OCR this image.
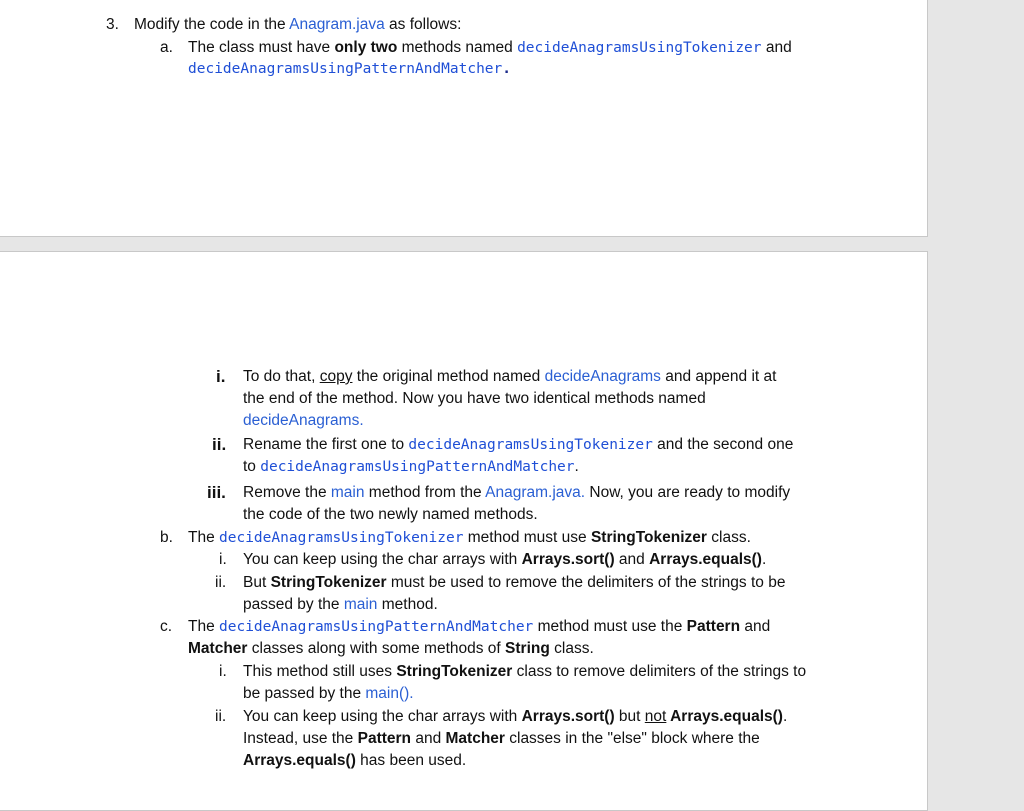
3. Modify the code in the Anagram.java as follows:
a. The class must have only two methods named decideAnagramsUsingTokenizer and
decideAnagramsUsingPatternAndMatcher.
i. To do that, copy the original method named decideAnagrams and append it at
the end of the method. Now you have two identical methods named
decideAnagrams.
ii. Rename the first one to decideAnagramsUsingTokenizer and the second one
to decideAnagramsUsingPatternAndMatcher.
iii. Remove the main method from the Anagram.java. Now, you are ready to modify
the code of the two newly named methods.
b. The decideAnagramsUsingTokenizer method must use StringTokenizer class.
i. You can keep using the char arrays with Arrays.sort() and Arrays.equals().
ii. But StringTokenizer must be used to remove the delimiters of the strings to be
passed by the main method.
c. The decideAnagramsUsingPatternAndMatcher method must use the Pattern and
Matcher classes along with some methods of String class.
i. This method still uses StringTokenizer class to remove delimiters of the strings to
be passed by the main().
ii. You can keep using the char arrays with Arrays.sort() but not Arrays.equals().
Instead, use the Pattern and Matcher classes in the "else" block where the
Arrays.equals() has been used.
